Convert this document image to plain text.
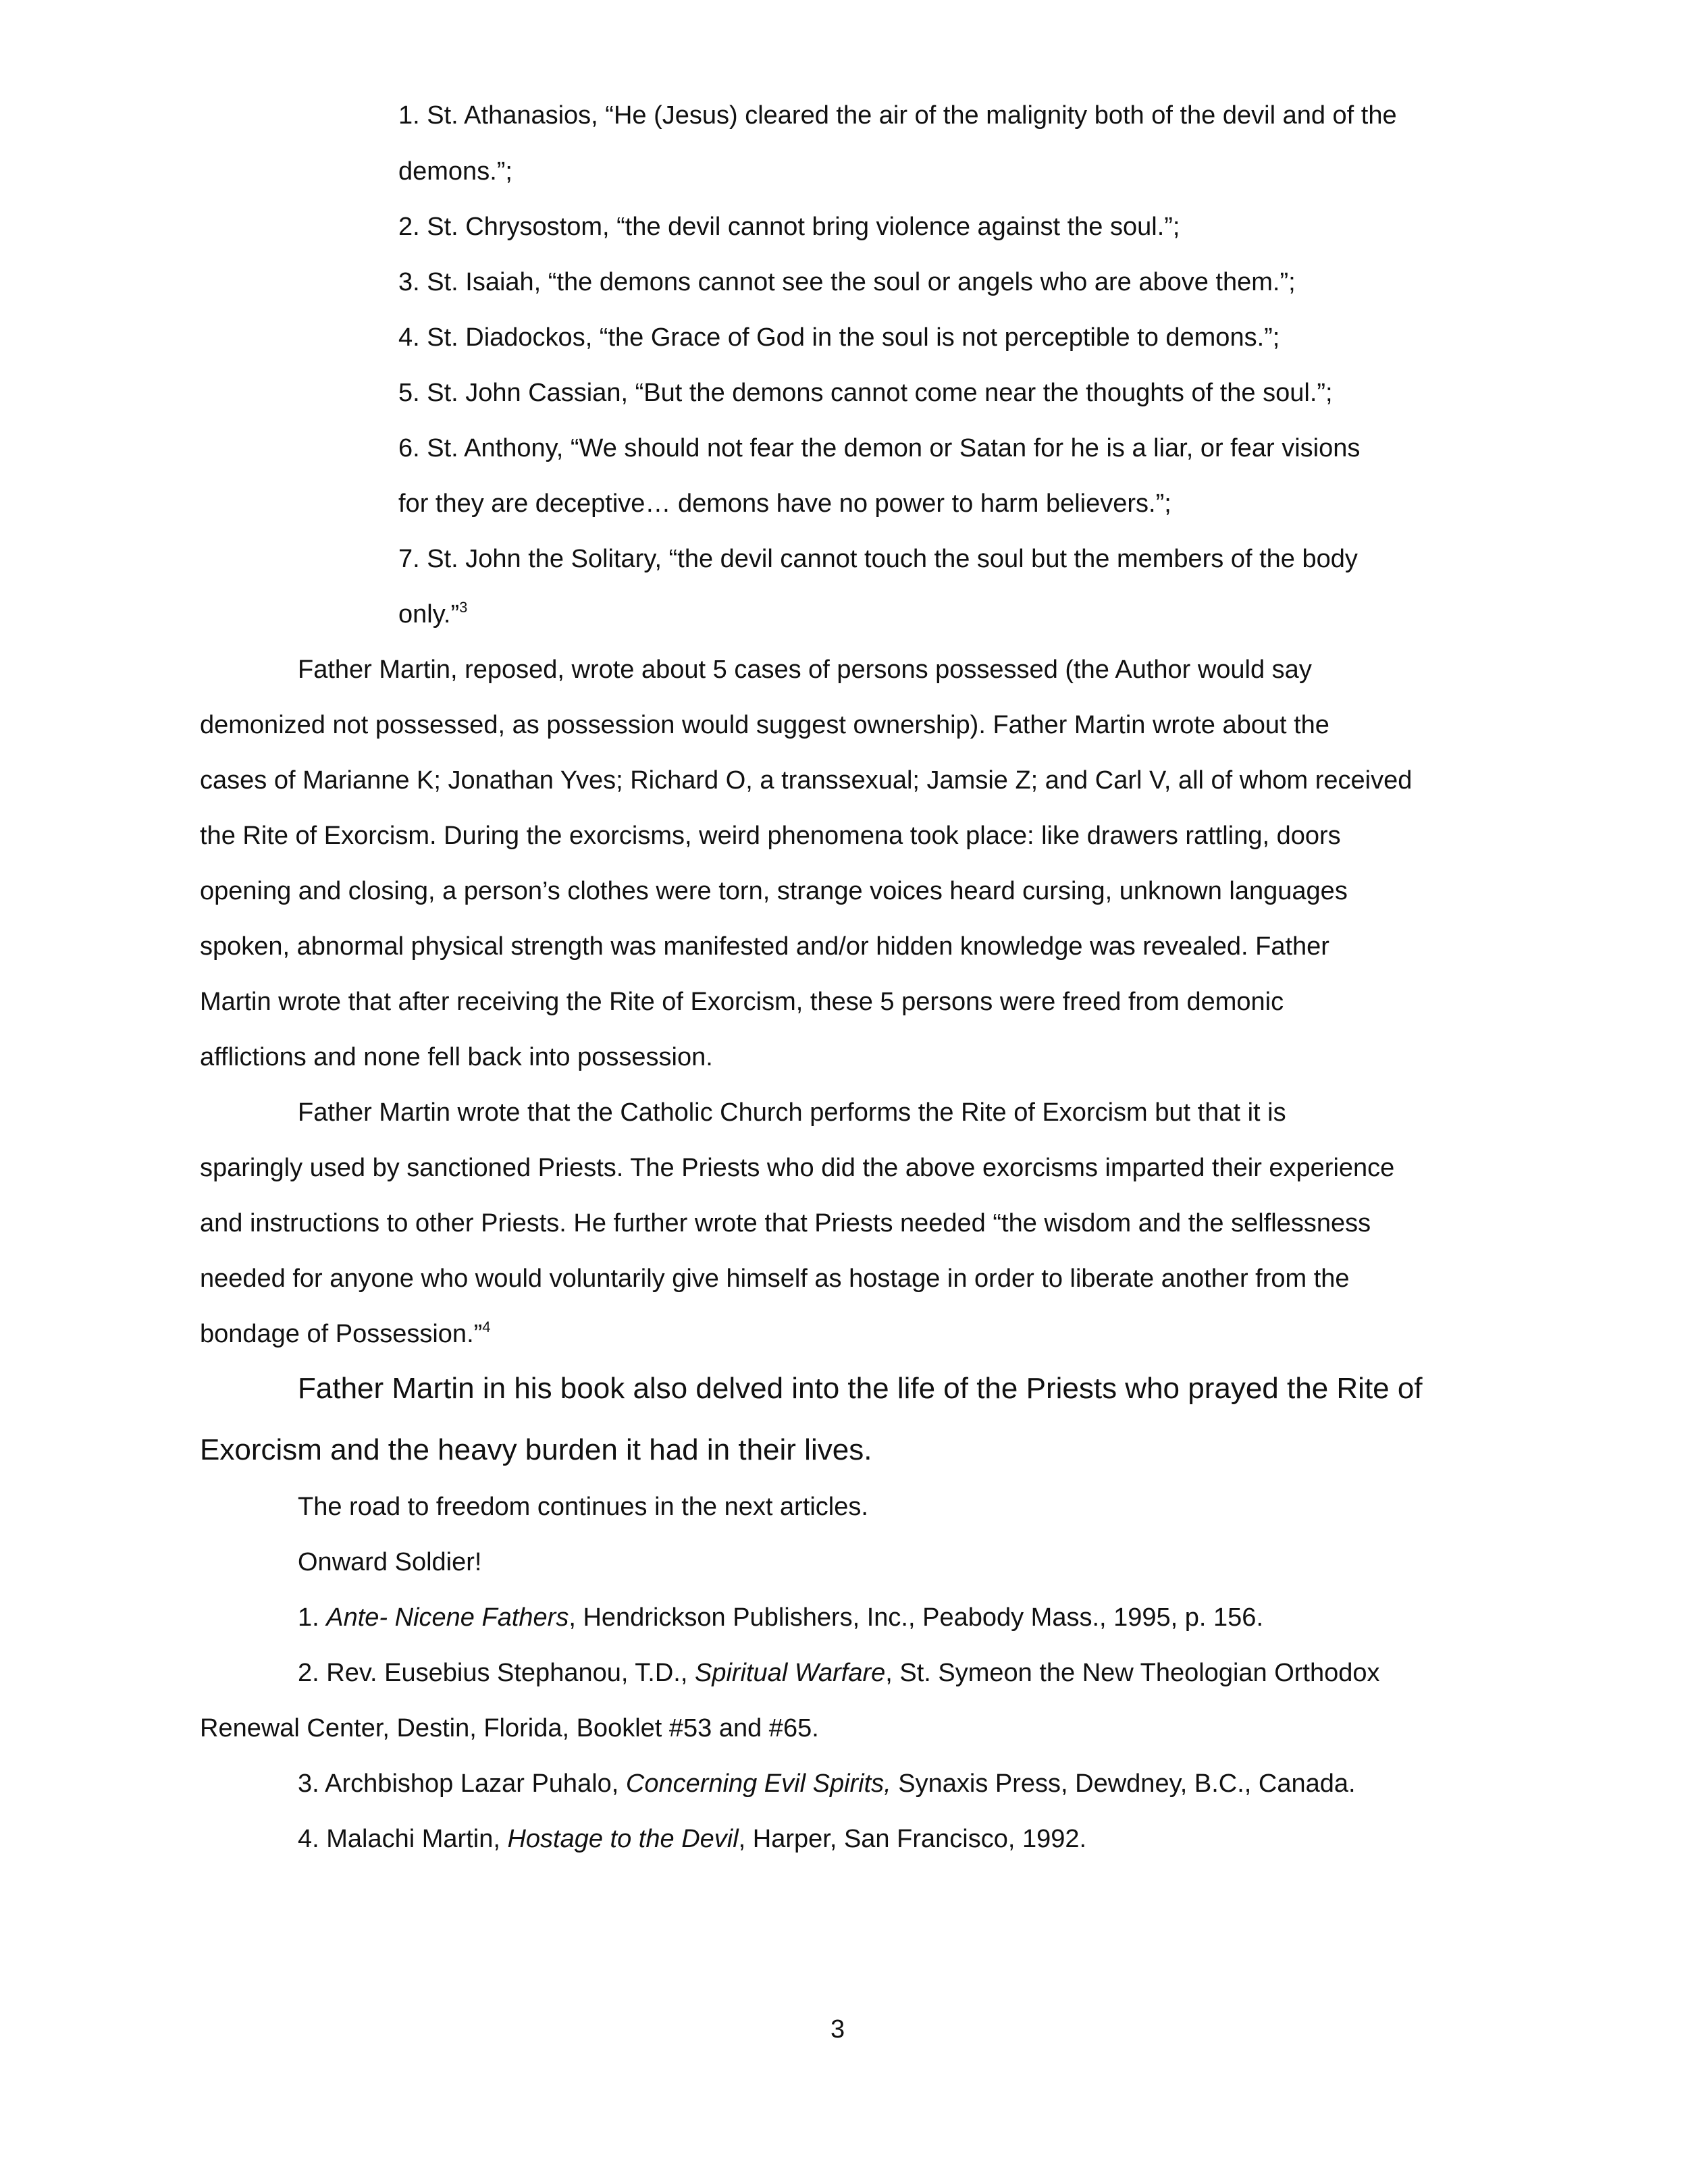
1. St. Athanasios, “He (Jesus) cleared the air of the malignity both of the devil and of the
demons.”;
2. St. Chrysostom, “the devil cannot bring violence against the soul.”;
3. St. Isaiah, “the demons cannot see the soul or angels who are above them.”;
4. St. Diadockos, “the Grace of God in the soul is not perceptible to demons.”;
5. St. John Cassian, “But the demons cannot come near the thoughts of the soul.”;
6. St. Anthony, “We should not fear the demon or Satan for he is a liar, or fear visions
for they are deceptive… demons have no power to harm believers.”;
7. St. John the Solitary, “the devil cannot touch the soul but the members of the body
only.”$^3$
Father Martin, reposed, wrote about 5 cases of persons possessed (the Author would say
demonized not possessed, as possession would suggest ownership). Father Martin wrote about the
cases of Marianne K; Jonathan Yves; Richard O, a transsexual; Jamsie Z; and Carl V, all of whom received
the Rite of Exorcism. During the exorcisms, weird phenomena took place: like drawers rattling, doors
opening and closing, a person’s clothes were torn, strange voices heard cursing, unknown languages
spoken, abnormal physical strength was manifested and/or hidden knowledge was revealed. Father
Martin wrote that after receiving the Rite of Exorcism, these 5 persons were freed from demonic
afflictions and none fell back into possession.
Father Martin wrote that the Catholic Church performs the Rite of Exorcism but that it is
sparingly used by sanctioned Priests. The Priests who did the above exorcisms imparted their experience
and instructions to other Priests. He further wrote that Priests needed “the wisdom and the selflessness
needed for anyone who would voluntarily give himself as hostage in order to liberate another from the
bondage of Possession.”$^4$
Father Martin in his book also delved into the life of the Priests who prayed the Rite of
Exorcism and the heavy burden it had in their lives.
The road to freedom continues in the next articles.
Onward Soldier!
1. Ante- Nicene Fathers, Hendrickson Publishers, Inc., Peabody Mass., 1995, p. 156.
2. Rev. Eusebius Stephanou, T.D., Spiritual Warfare, St. Symeon the New Theologian Orthodox
Renewal Center, Destin, Florida, Booklet #53 and #65.
3. Archbishop Lazar Puhalo, Concerning Evil Spirits, Synaxis Press, Dewdney, B.C., Canada.
4. Malachi Martin, Hostage to the Devil, Harper, San Francisco, 1992.
3
